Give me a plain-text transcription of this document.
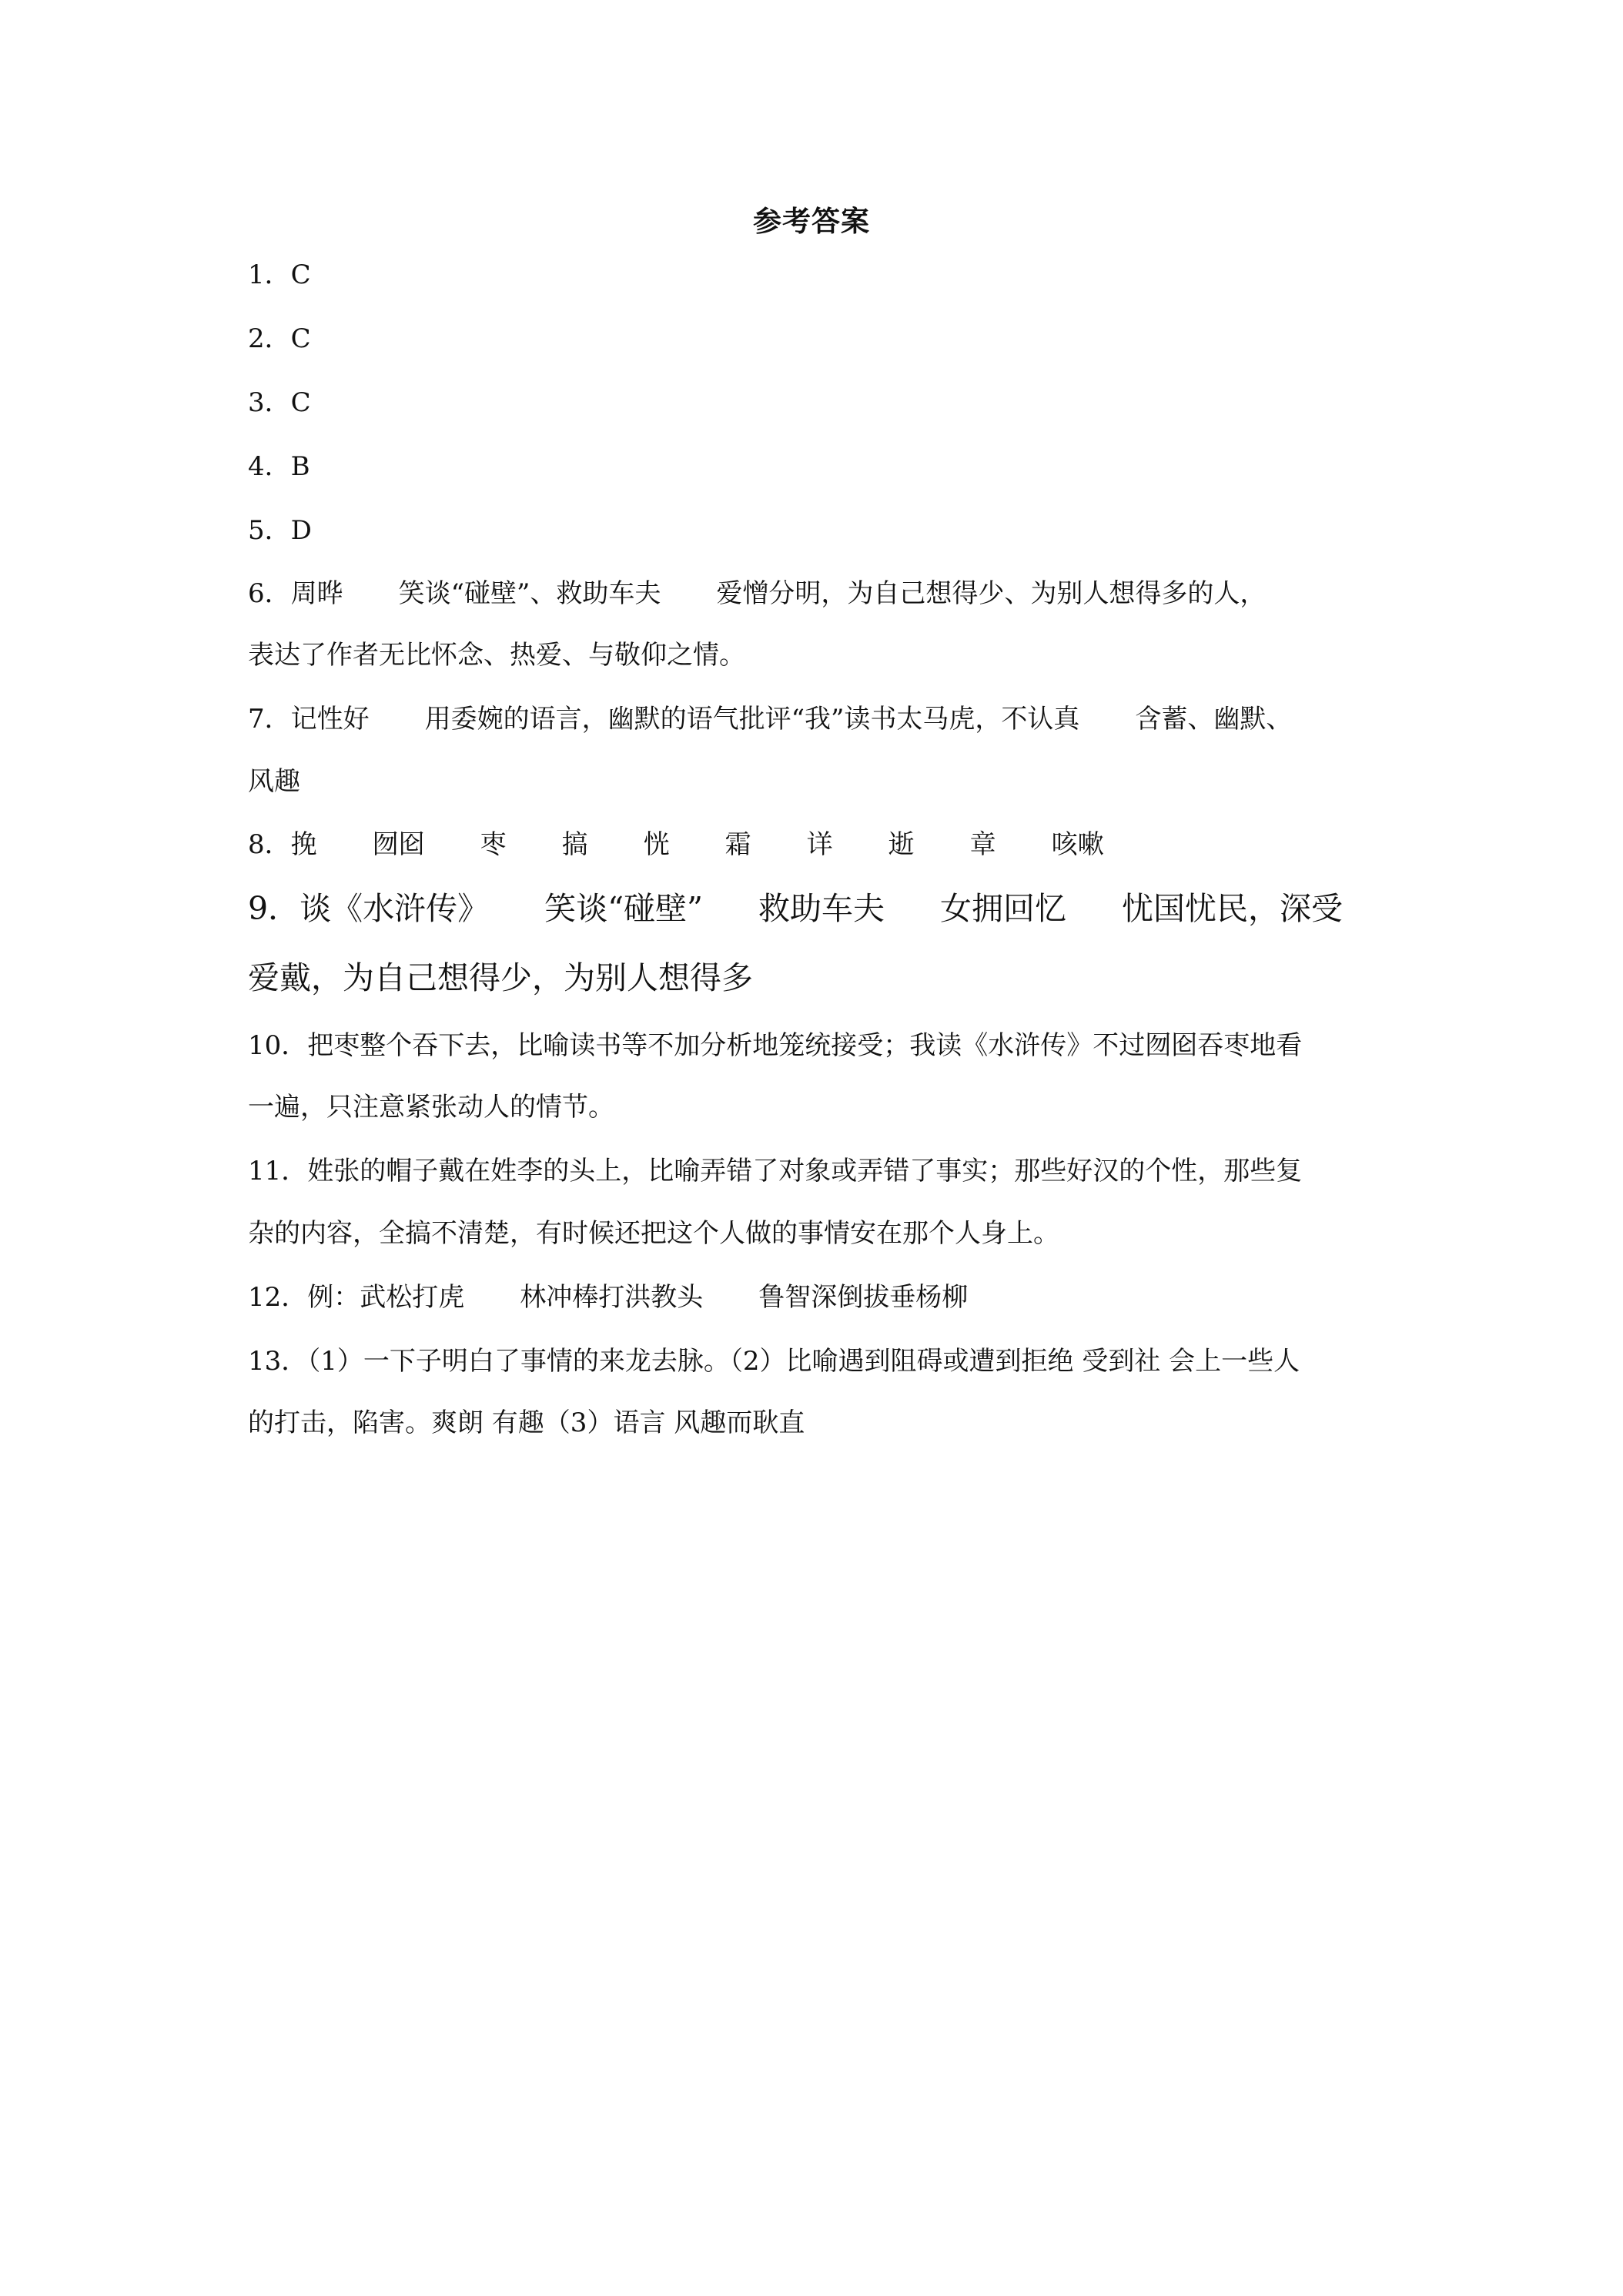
参考答案
1．C
2．C
3．C
4．B
5．D
6．周晔 笑谈“碰壁”、救助车夫 爱憎分明，为自己想得少、为别人想得多的人，
表达了作者无比怀念、热爱、与敬仰之情。
7．记性好 用委婉的语言，幽默的语气批评“我”读书太马虎，不认真 含蓄、幽默、
风趣
8．挽 囫囵 枣 搞 恍 霜 详 逝 章 咳嗽
9．谈《水浒传》 笑谈“碰壁” 救助车夫 女拥回忆 忧国忧民，深受
爱戴，为自己想得少，为别人想得多
10．把枣整个吞下去，比喻读书等不加分析地笼统接受；我读《水浒传》不过囫囵吞枣地看
一遍，只注意紧张动人的情节。
11．姓张的帽子戴在姓李的头上，比喻弄错了对象或弄错了事实；那些好汉的个性，那些复
杂的内容，全搞不清楚，有时候还把这个人做的事情安在那个人身上。
12．例：武松打虎 林冲棒打洪教头 鲁智深倒拔垂杨柳
13．（1）一下子明白了事情的来龙去脉。（2）比喻遇到阻碍或遭到拒绝 受到社 会上一些人
的打击，陷害。爽朗 有趣（3）语言 风趣而耿直
